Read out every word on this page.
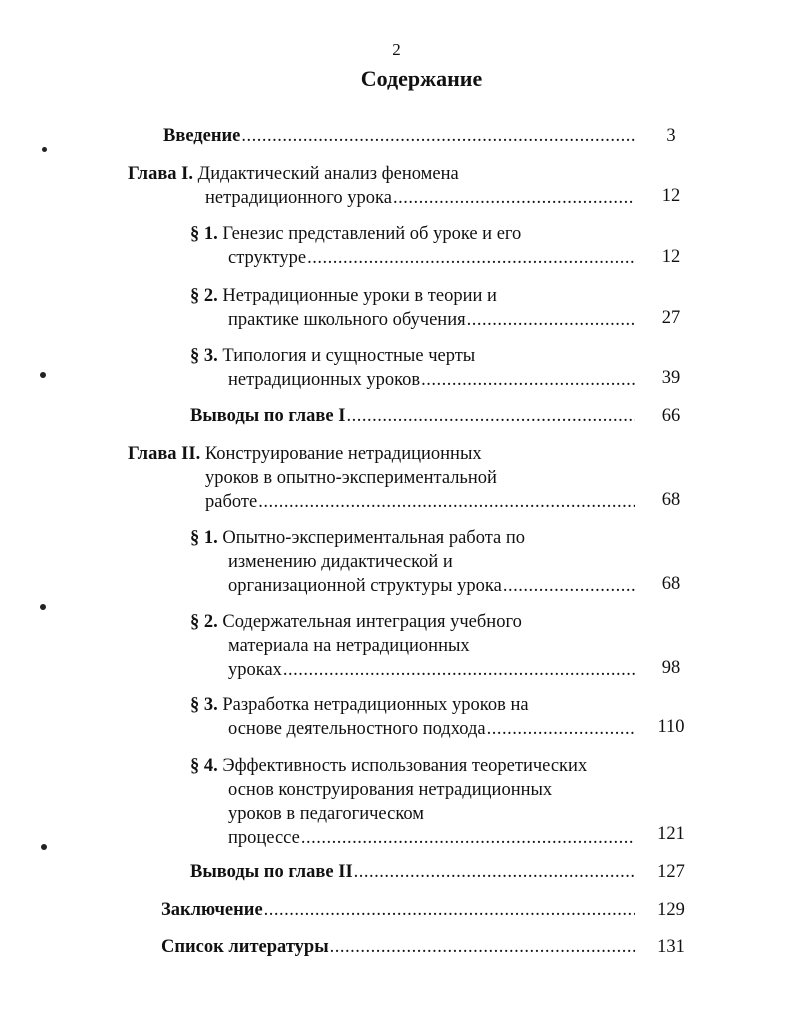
2
Содержание
Введение .....	3
Глава I. Дидактический анализ феномена
нетрадиционного урока .....	12
§ 1. Генезис представлений об уроке и его
структуре .....	12
§ 2. Нетрадиционные уроки в теории и
практике школьного обучения .....	27
§ 3. Типология и сущностные черты
нетрадиционных уроков .....	39
Выводы по главе I .....	66
Глава II. Конструирование нетрадиционных
уроков в опытно-экспериментальной
работе .....	68
§ 1. Опытно-экспериментальная работа по
изменению дидактической и
организационной структуры урока .....	68
§ 2. Содержательная интеграция учебного
материала на нетрадиционных
уроках .....	98
§ 3. Разработка нетрадиционных уроков на
основе деятельностного подхода .....	110
§ 4. Эффективность использования теоретических
основ конструирования нетрадиционных
уроков в педагогическом
процессе .....	121
Выводы по главе II .....	127
Заключение .....	129
Список литературы .....	131
